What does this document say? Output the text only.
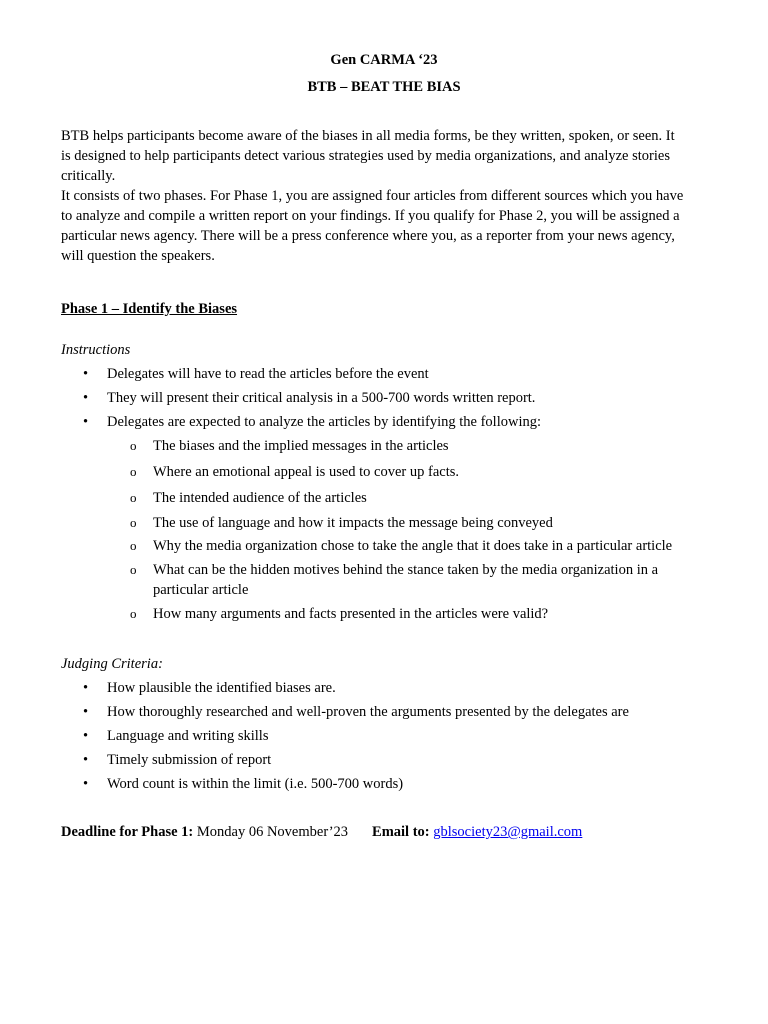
Gen CARMA ‘23
BTB – BEAT THE BIAS
BTB helps participants become aware of the biases in all media forms, be they written, spoken, or seen. It
is designed to help participants detect various strategies used by media organizations, and analyze stories
critically.
It consists of two phases. For Phase 1, you are assigned four articles from different sources which you have
to analyze and compile a written report on your findings. If you qualify for Phase 2, you will be assigned a
particular news agency. There will be a press conference where you, as a reporter from your news agency,
will question the speakers.
Phase 1 – Identify the Biases
Instructions
•	Delegates will have to read the articles before the event
•	They will present their critical analysis in a 500-700 words written report.
•	Delegates are expected to analyze the articles by identifying the following:
o The biases and the implied messages in the articles
o Where an emotional appeal is used to cover up facts.
o The intended audience of the articles
o The use of language and how it impacts the message being conveyed
o Why the media organization chose to take the angle that it does take in a particular article
o What can be the hidden motives behind the stance taken by the media organization in a
particular article
o How many arguments and facts presented in the articles were valid?
Judging Criteria:
•	How plausible the identified biases are.
•	How thoroughly researched and well-proven the arguments presented by the delegates are
•	Language and writing skills
•	Timely submission of report
•	Word count is within the limit (i.e. 500-700 words)
Deadline for Phase 1: Monday 06 November’23 Email to: gblsociety23@gmail.com
